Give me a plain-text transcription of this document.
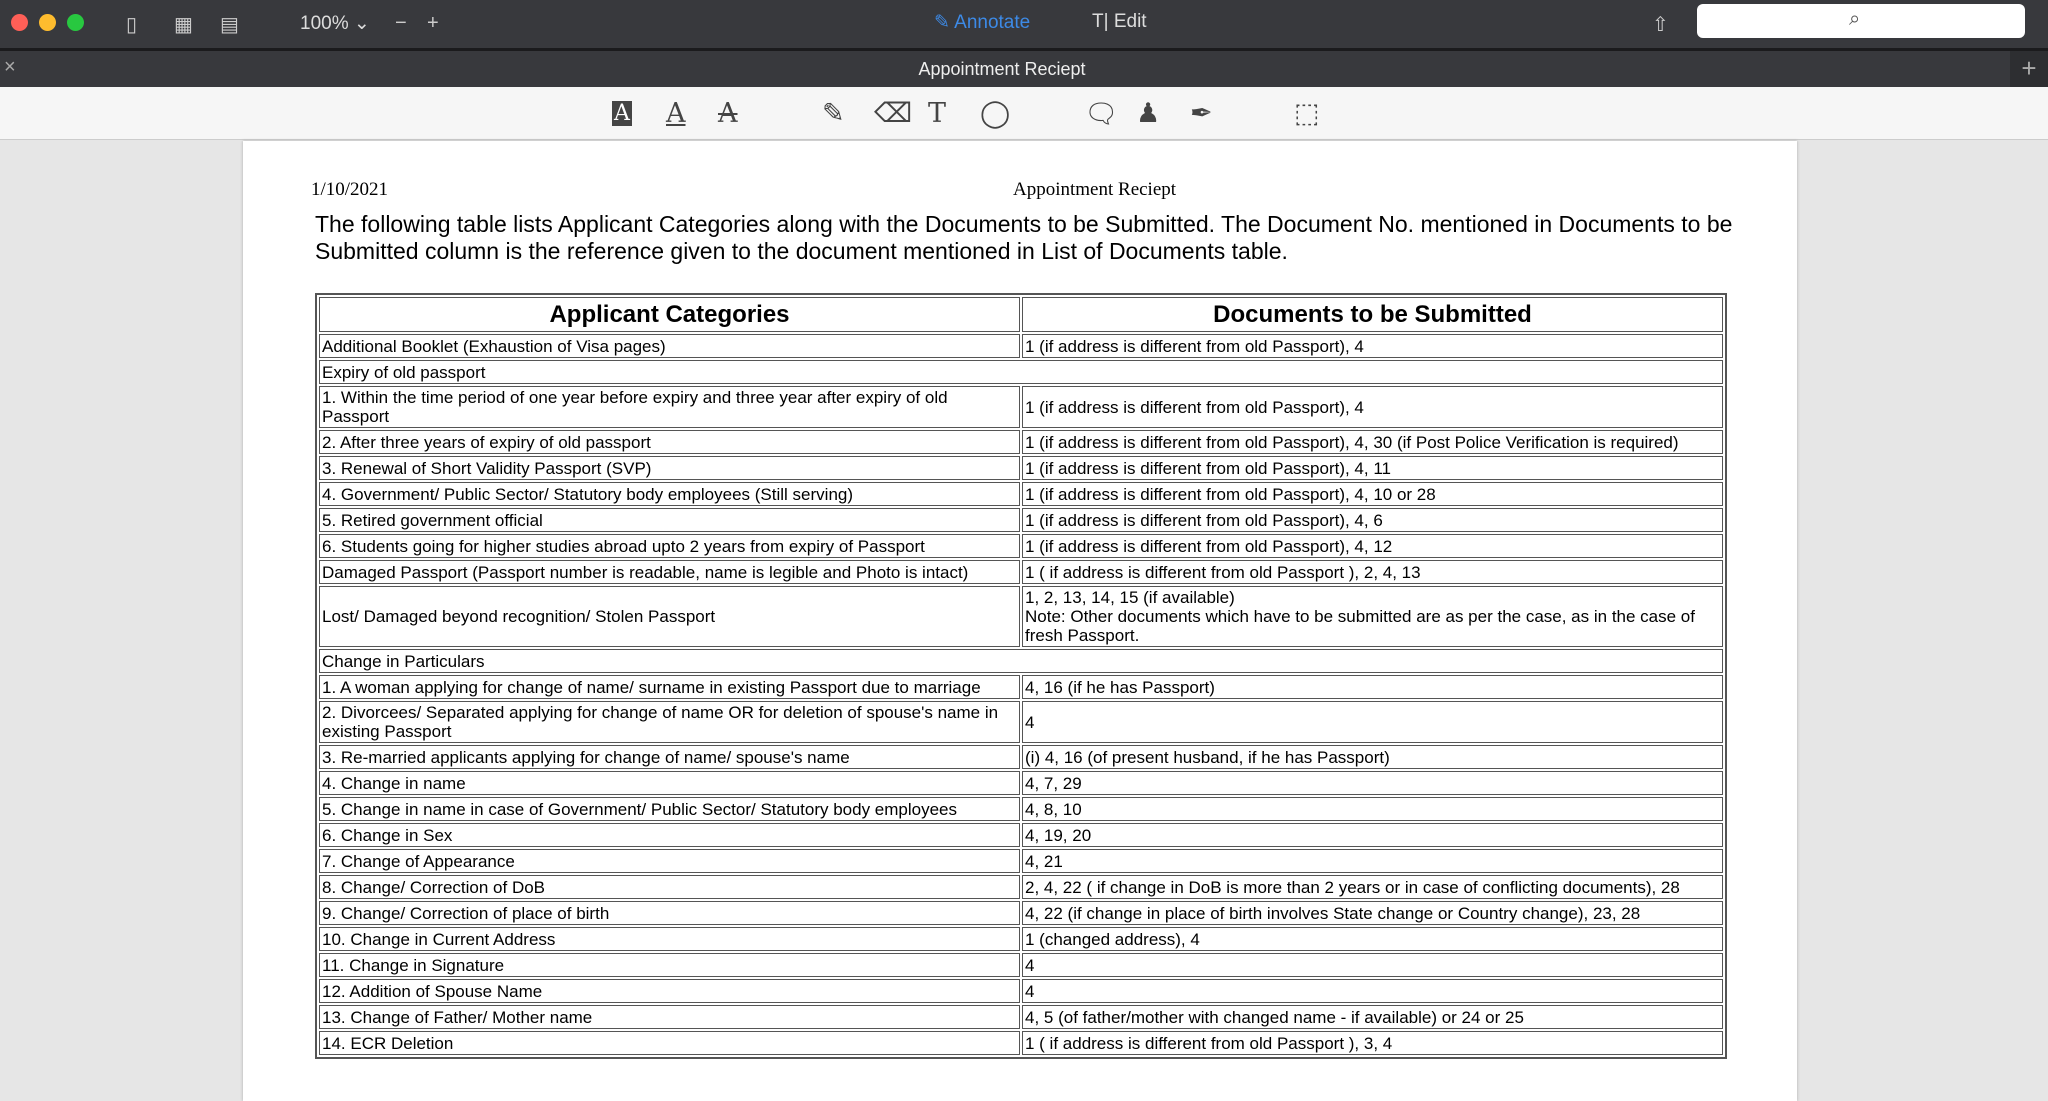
▯ ▦ ▤	100% ⌄ − +	✎ Annotate	T| Edit	⇧	⌕
×	Appointment Reciept	+
A A A	✎ ⌫ T ◯	🗨 ♟ ✒	⬚
1/10/2021	Appointment Reciept
The following table lists Applicant Categories along with the Documents to be Submitted. The Document No. mentioned in Documents to be Submitted column is the reference given to the document mentioned in List of Documents table.
Applicant Categories	Documents to be Submitted
Additional Booklet (Exhaustion of Visa pages)	1 (if address is different from old Passport), 4
Expiry of old passport	
1. Within the time period of one year before expiry and three year after expiry of old Passport	1 (if address is different from old Passport), 4
2. After three years of expiry of old passport	1 (if address is different from old Passport), 4, 30 (if Post Police Verification is required)
3. Renewal of Short Validity Passport (SVP)	1 (if address is different from old Passport), 4, 11
4. Government/ Public Sector/ Statutory body employees (Still serving)	1 (if address is different from old Passport), 4, 10 or 28
5. Retired government official	1 (if address is different from old Passport), 4, 6
6. Students going for higher studies abroad upto 2 years from expiry of Passport	1 (if address is different from old Passport), 4, 12
Damaged Passport (Passport number is readable, name is legible and Photo is intact)	1 ( if address is different from old Passport ), 2, 4, 13
Lost/ Damaged beyond recognition/ Stolen Passport	1, 2, 13, 14, 15 (if available)
Note: Other documents which have to be submitted are as per the case, as in the case of fresh Passport.
Change in Particulars	
1. A woman applying for change of name/ surname in existing Passport due to marriage	4, 16 (if he has Passport)
2. Divorcees/ Separated applying for change of name OR for deletion of spouse's name in existing Passport	4
3. Re-married applicants applying for change of name/ spouse's name	(i) 4, 16 (of present husband, if he has Passport)
4. Change in name	4, 7, 29
5. Change in name in case of Government/ Public Sector/ Statutory body employees	4, 8, 10
6. Change in Sex	4, 19, 20
7. Change of Appearance	4, 21
8. Change/ Correction of DoB	2, 4, 22 ( if change in DoB is more than 2 years or in case of conflicting documents), 28
9. Change/ Correction of place of birth	4, 22 (if change in place of birth involves State change or Country change), 23, 28
10. Change in Current Address	1 (changed address), 4
11. Change in Signature	4
12. Addition of Spouse Name	4
13. Change of Father/ Mother name	4, 5 (of father/mother with changed name - if available) or 24 or 25
14. ECR Deletion	1 ( if address is different from old Passport ), 3, 4
